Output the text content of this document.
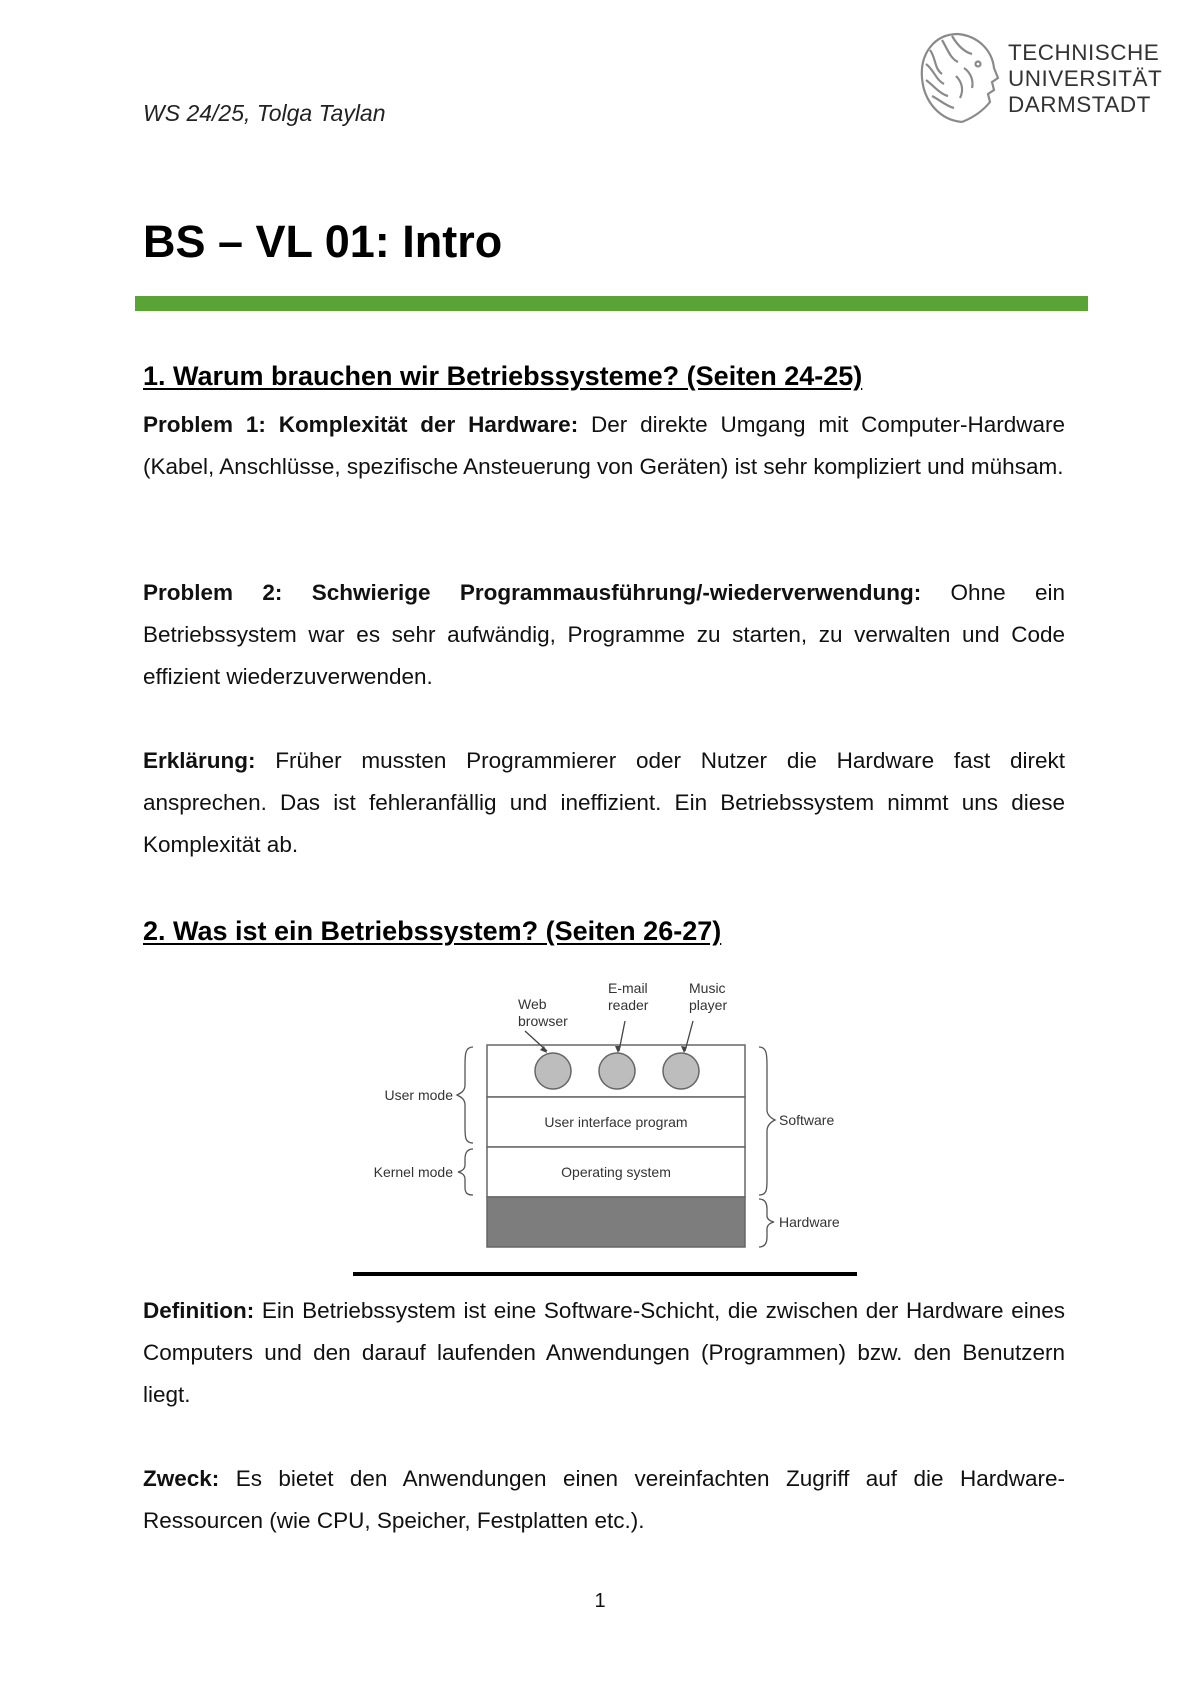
WS 24/25, Tolga Taylan
TECHNISCHE
UNIVERSITÄT
DARMSTADT
BS – VL 01: Intro
1. Warum brauchen wir Betriebssysteme? (Seiten 24-25)

Problem 1: Komplexität der Hardware: Der direkte Umgang mit Computer-Hardware (Kabel, Anschlüsse, spezifische Ansteuerung von Geräten) ist sehr kompliziert und mühsam.

Problem 2: Schwierige Programmausführung/-wiederverwendung: Ohne ein Betriebssystem war es sehr aufwändig, Programme zu starten, zu verwalten und Code effizient wiederzuverwenden.

Erklärung: Früher mussten Programmierer oder Nutzer die Hardware fast direkt ansprechen. Das ist fehleranfällig und ineffizient. Ein Betriebssystem nimmt uns diese Komplexität ab.

2. Was ist ein Betriebssystem? (Seiten 26-27)
Web
browser
E-mail
reader
Music
player
User interface program
Operating system
User mode
Kernel mode
Software
Hardware

Definition: Ein Betriebssystem ist eine Software-Schicht, die zwischen der Hardware eines Computers und den darauf laufenden Anwendungen (Programmen) bzw. den Benutzern liegt.

Zweck: Es bietet den Anwendungen einen vereinfachten Zugriff auf die Hardware-Ressourcen (wie CPU, Speicher, Festplatten etc.).

1
